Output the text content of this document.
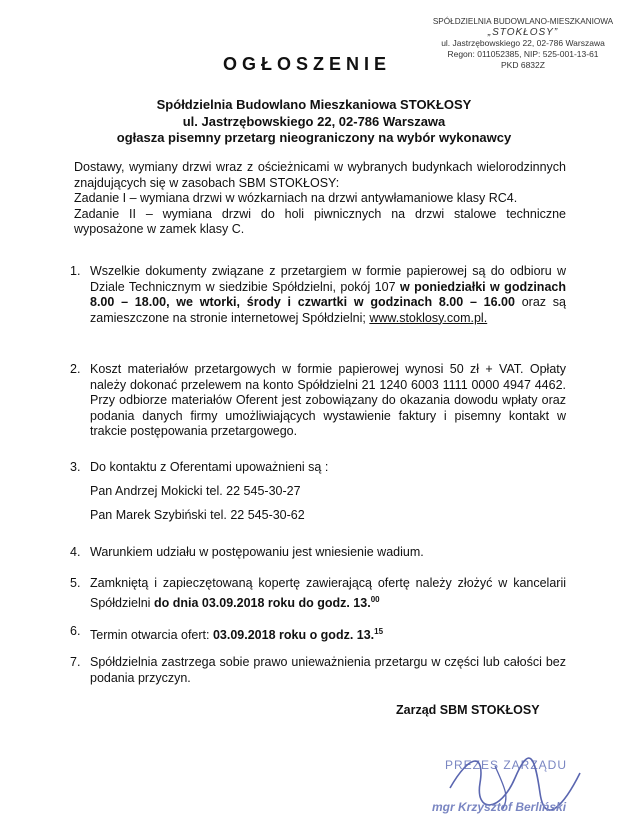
SPÓŁDZIELNIA BUDOWLANO-MIESZKANIOWA
„STOKŁOSY”
ul. Jastrzębowskiego 22, 02-786 Warszawa
Regon: 011052385, NIP: 525-001-13-61
PKD 6832Z
OGŁOSZENIE
Spółdzielnia Budowlano Mieszkaniowa STOKŁOSY
ul. Jastrzębowskiego 22, 02-786 Warszawa
ogłasza pisemny przetarg nieograniczony na wybór wykonawcy

Dostawy, wymiany drzwi wraz z ościeżnicami w wybranych budynkach wielorodzinnych znajdujących się w zasobach SBM STOKŁOSY:

Zadanie I – wymiana drzwi w wózkarniach na drzwi antywłamaniowe klasy RC4.

Zadanie II – wymiana drzwi do holi piwnicznych na drzwi stalowe techniczne wyposażone w zamek klasy C.

1. Wszelkie dokumenty związane z przetargiem w formie papierowej są do odbioru w Dziale Technicznym w siedzibie Spółdzielni, pokój 107 w poniedziałki w godzinach 8.00 – 18.00, we wtorki, środy i czwartki w godzinach 8.00 – 16.00 oraz są zamieszczone na stronie internetowej Spółdzielni; www.stoklosy.com.pl.
2. Koszt materiałów przetargowych w formie papierowej wynosi 50 zł + VAT. Opłaty należy dokonać przelewem na konto Spółdzielni 21 1240 6003 1111 0000 4947 4462. Przy odbiorze materiałów Oferent jest zobowiązany do okazania dowodu wpłaty oraz podania danych firmy umożliwiających wystawienie faktury i pisemny kontakt w trakcie postępowania przetargowego.
3. Do kontaktu z Oferentami upoważnieni są :
Pan Andrzej Mokicki tel. 22 545-30-27
Pan Marek Szybiński tel. 22 545-30-62
4. Warunkiem udziału w postępowaniu jest wniesienie wadium.
5. Zamkniętą i zapieczętowaną kopertę zawierającą ofertę należy złożyć w kancelarii Spółdzielni do dnia 03.09.2018 roku do godz. 13.00
6. Termin otwarcia ofert: 03.09.2018 roku o godz. 13.15
7. Spółdzielnia zastrzega sobie prawo unieważnienia przetargu w części lub całości bez podania przyczyn.
Zarząd SBM STOKŁOSY
PREZES ZARZĄDU
mgr Krzysztof Berliński
